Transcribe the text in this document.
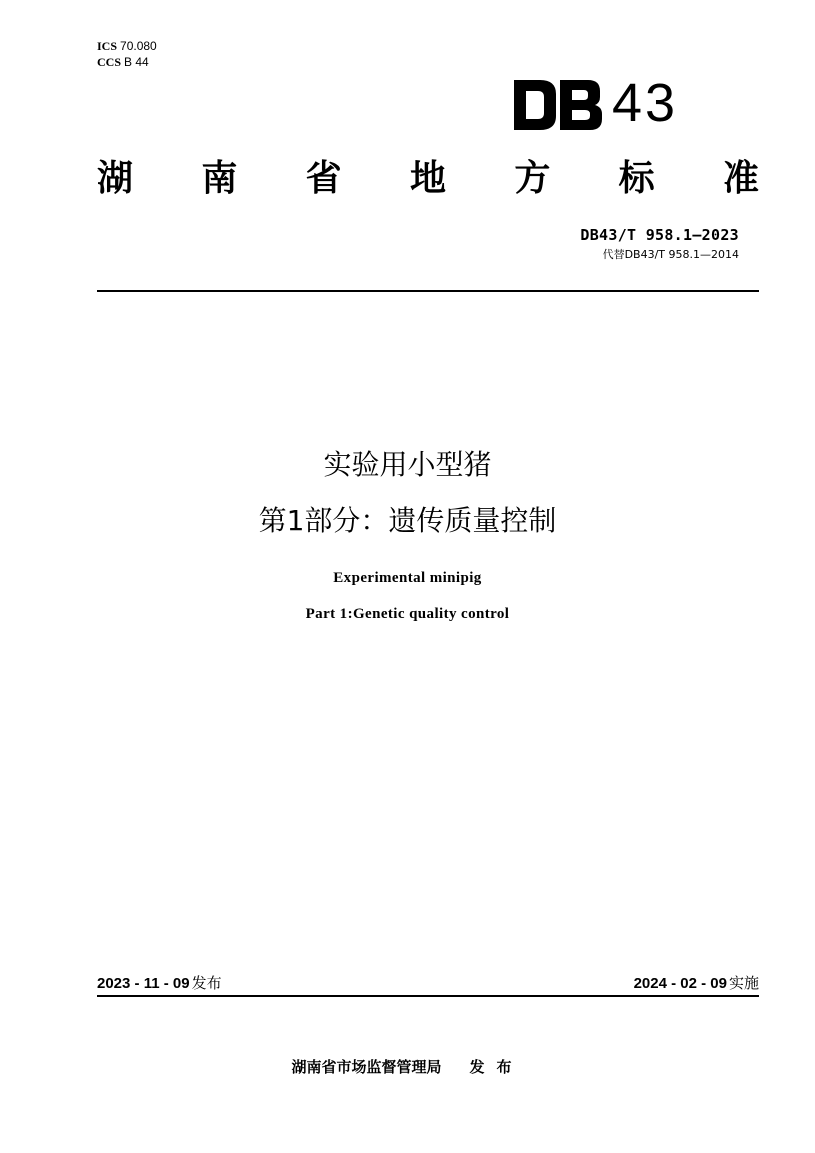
ICS 70.080
CCS B 44
43
湖 南 省 地 方 标 准
DB43/T 958.1—2023
代替DB43/T 958.1—2014
实验用小型猪
第1部分：遗传质量控制
Experimental minipig
Part 1:Genetic quality control
2023 - 11 - 09 发布	2024 - 02 - 09 实施
湖南省市场监督管理局 发布
